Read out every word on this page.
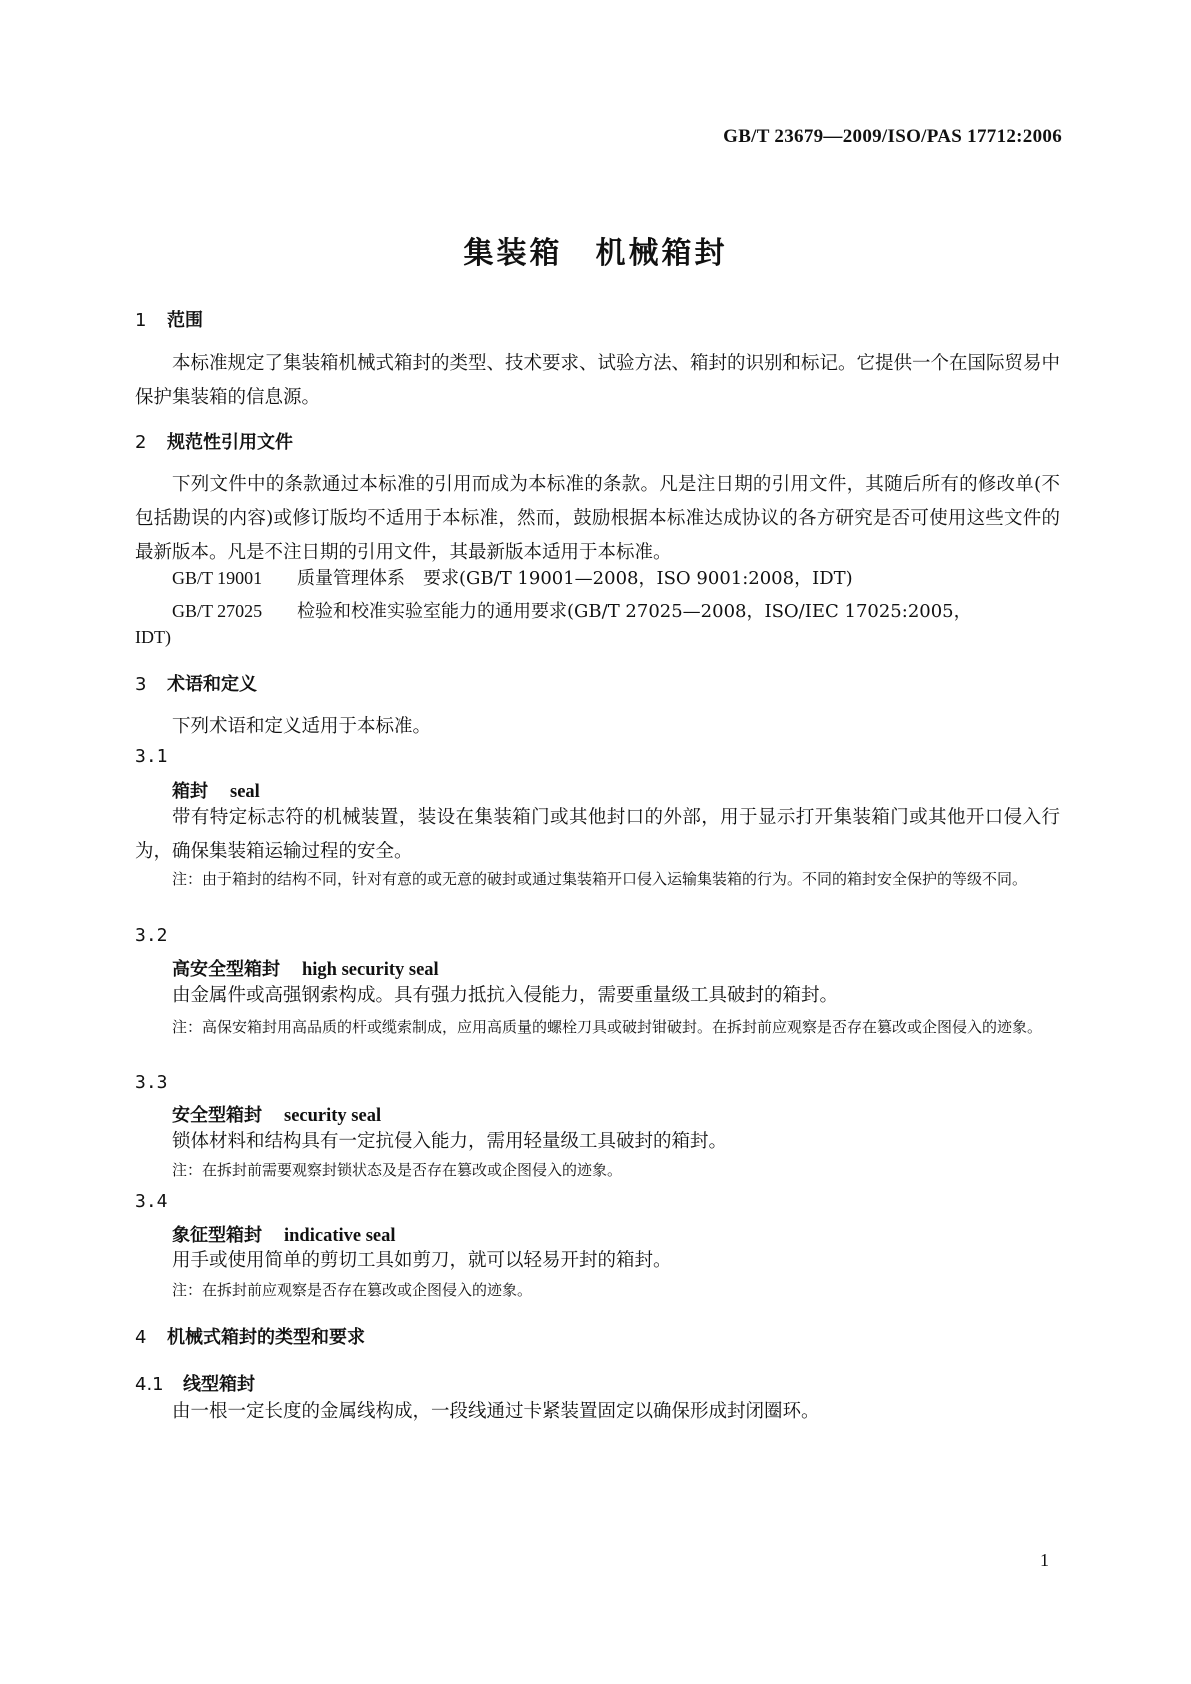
GB/T 23679—2009/ISO/PAS 17712:2006
集装箱　机械箱封
1 范围
本标准规定了集装箱机械式箱封的类型、技术要求、试验方法、箱封的识别和标记。它提供一个在国际贸易中保护集装箱的信息源。
2 规范性引用文件
下列文件中的条款通过本标准的引用而成为本标准的条款。凡是注日期的引用文件，其随后所有的修改单(不包括勘误的内容)或修订版均不适用于本标准，然而，鼓励根据本标准达成协议的各方研究是否可使用这些文件的最新版本。凡是不注日期的引用文件，其最新版本适用于本标准。
GB/T 19001 质量管理体系　要求(GB/T 19001—2008，ISO 9001:2008，IDT)
GB/T 27025 检验和校准实验室能力的通用要求(GB/T 27025—2008，ISO/IEC 17025:2005，
IDT)
3 术语和定义
下列术语和定义适用于本标准。
3.1
箱封 seal
带有特定标志符的机械装置，装设在集装箱门或其他封口的外部，用于显示打开集装箱门或其他开口侵入行为，确保集装箱运输过程的安全。
注：由于箱封的结构不同，针对有意的或无意的破封或通过集装箱开口侵入运输集装箱的行为。不同的箱封安全保护的等级不同。
3.2
高安全型箱封 high security seal
由金属件或高强钢索构成。具有强力抵抗入侵能力，需要重量级工具破封的箱封。
注：高保安箱封用高品质的杆或缆索制成，应用高质量的螺栓刀具或破封钳破封。在拆封前应观察是否存在篡改或企图侵入的迹象。
3.3
安全型箱封 security seal
锁体材料和结构具有一定抗侵入能力，需用轻量级工具破封的箱封。
注：在拆封前需要观察封锁状态及是否存在篡改或企图侵入的迹象。
3.4
象征型箱封 indicative seal
用手或使用简单的剪切工具如剪刀，就可以轻易开封的箱封。
注：在拆封前应观察是否存在篡改或企图侵入的迹象。
4 机械式箱封的类型和要求
4.1 线型箱封
由一根一定长度的金属线构成，一段线通过卡紧装置固定以确保形成封闭圈环。
1
